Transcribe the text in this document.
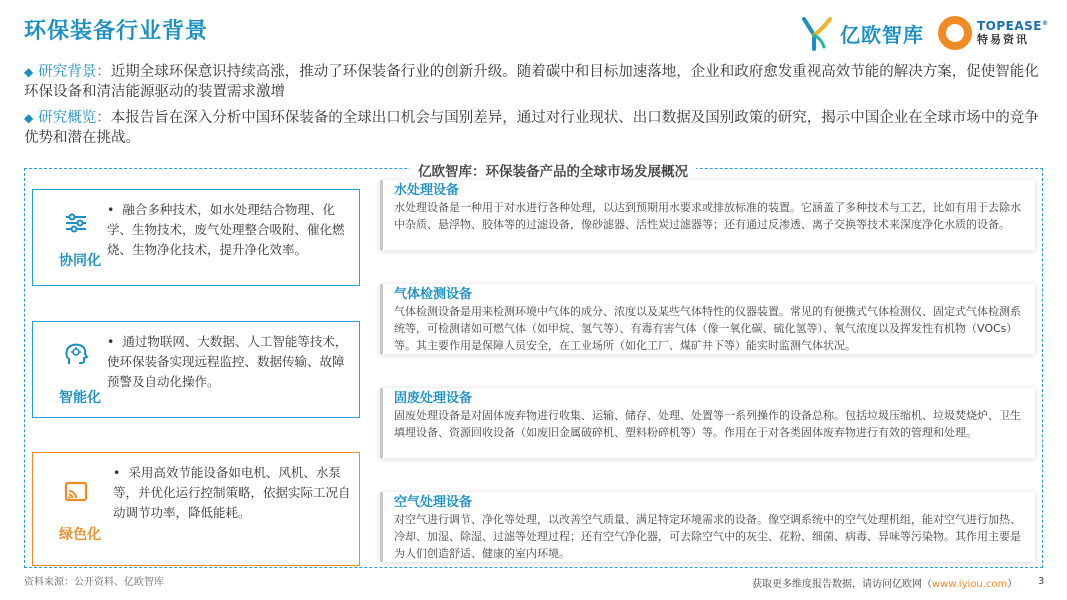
环保装备行业背景	亿欧智库	TOPEASE®
特易资讯
◆ 研究背景：近期全球环保意识持续高涨，推动了环保装备行业的创新升级。随着碳中和目标加速落地，企业和政府愈发重视高效节能的解决方案，促使智能化环保设备和清洁能源驱动的装置需求激增
◆ 研究概览：本报告旨在深入分析中国环保装备的全球出口机会与国别差异，通过对行业现状、出口数据及国别政策的研究，揭示中国企业在全球市场中的竞争优势和潜在挑战。
亿欧智库：环保装备产品的全球市场发展概况
协同化
• 融合多种技术，如水处理结合物理、化学、生物技术，废气处理整合吸附、催化燃烧、生物净化技术，提升净化效率。
智能化
• 通过物联网、大数据、人工智能等技术，使环保装备实现远程监控、数据传输、故障预警及自动化操作。
绿色化
• 采用高效节能设备如电机、风机、水泵等，并优化运行控制策略，依据实际工况自动调节功率，降低能耗。
水处理设备
水处理设备是一种用于对水进行各种处理，以达到预期用水要求或排放标准的装置。它涵盖了多种技术与工艺，比如有用于去除水中杂质、悬浮物、胶体等的过滤设备，像砂滤器、活性炭过滤器等；还有通过反渗透、离子交换等技术来深度净化水质的设备。
气体检测设备
气体检测设备是用来检测环境中气体的成分、浓度以及某些气体特性的仪器装置。常见的有便携式气体检测仪、固定式气体检测系统等，可检测诸如可燃气体（如甲烷、氢气等）、有毒有害气体（像一氧化碳、硫化氢等）、氧气浓度以及挥发性有机物（VOCs）等。其主要作用是保障人员安全，在工业场所（如化工厂、煤矿井下等）能实时监测气体状况。
固废处理设备
固废处理设备是对固体废弃物进行收集、运输、储存、处理、处置等一系列操作的设备总称。包括垃圾压缩机、垃圾焚烧炉、卫生填埋设备、资源回收设备（如废旧金属破碎机、塑料粉碎机等）等。作用在于对各类固体废弃物进行有效的管理和处理。
空气处理设备
对空气进行调节、净化等处理，以改善空气质量、满足特定环境需求的设备。像空调系统中的空气处理机组，能对空气进行加热、冷却、加湿、除湿、过滤等处理过程；还有空气净化器，可去除空气中的灰尘、花粉、细菌、病毒、异味等污染物。其作用主要是为人们创造舒适、健康的室内环境。
资料来源：公开资料、亿欧智库	获取更多维度报告数据，请访问亿欧网（www.iyiou.com） 3
